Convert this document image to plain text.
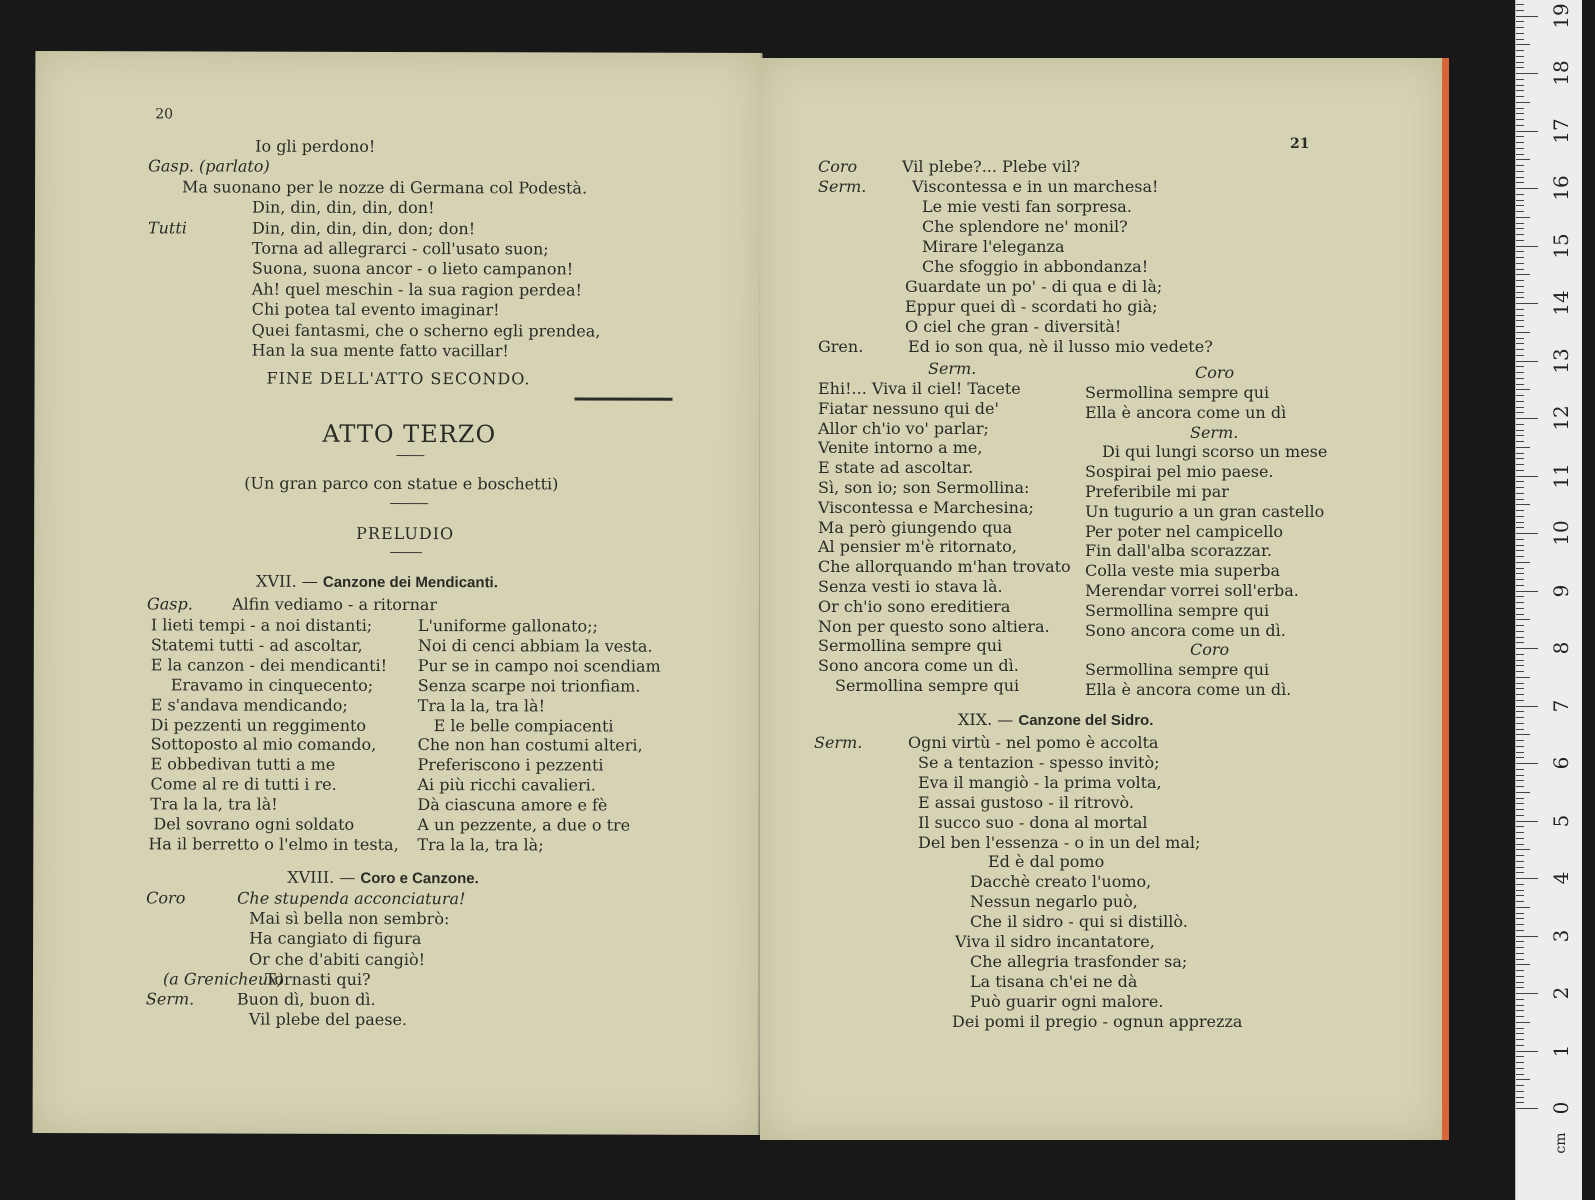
20
Io gli perdono!
Gasp. (parlato)
Ma suonano per le nozze di Germana col Podestà.
Din, din, din, din, don!
Tutti	Din, din, din, din, don; don!
Torna ad allegrarci - coll'usato suon;
Suona, suona ancor - o lieto campanon!
Ah! quel meschin - la sua ragion perdea!
Chi potea tal evento imaginar!
Quei fantasmi, che o scherno egli prendea,
Han la sua mente fatto vacillar!
FINE DELL'ATTO SECONDO.
ATTO TERZO
(Un gran parco con statue e boschetti)
PRELUDIO
XVII. — Canzone dei Mendicanti.
Gasp. Alfin vediamo - a ritornar
I lieti tempi - a noi distanti;
Statemi tutti - ad ascoltar,
E la canzon - dei mendicanti!
Eravamo in cinquecento;
E s'andava mendicando;
Di pezzenti un reggimento
Sottoposto al mio comando,
E obbedivan tutti a me
Come al re di tutti i re.
Tra la la, tra là!
Del sovrano ogni soldato
Ha il berretto o l'elmo in testa,
L'uniforme gallonato;;
Noi di cenci abbiam la vesta.
Pur se in campo noi scendiam
Senza scarpe noi trionfiam.
Tra la la, tra là!
E le belle compiacenti
Che non han costumi alteri,
Preferiscono i pezzenti
Ai più ricchi cavalieri.
Dà ciascuna amore e fè
A un pezzente, a due o tre
Tra la la, tra là;
XVIII. — Coro e Canzone.
Coro	Che stupenda acconciatura!
Mai sì bella non sembrò:
Ha cangiato di figura
Or che d'abiti cangiò!
(a Grenicheux)
Tornasti qui?
Serm.	Buon dì, buon dì.
Vil plebe del paese.
21
Coro	Vil plebe?... Plebe vil?
Serm.	Viscontessa e in un marchesa!
Le mie vesti fan sorpresa.
Che splendore ne' monil?
Mirare l'eleganza
Che sfoggio in abbondanza!
Guardate un po' - di qua e di là;
Eppur quei dì - scordati ho già;
O ciel che gran - diversità!
Gren.	Ed io son qua, nè il lusso mio vedete?
Serm.	Coro
Ehi!... Viva il ciel! Tacete
Fiatar nessuno qui de'
Allor ch'io vo' parlar;
Venite intorno a me,
E state ad ascoltar.
Sì, son io; son Sermollina:
Viscontessa e Marchesina;
Ma però giungendo qua
Al pensier m'è ritornato,
Che allorquando m'han trovato
Senza vesti io stava là.
Or ch'io sono ereditiera
Non per questo sono altiera.
Sermollina sempre qui
Sono ancora come un dì.
Sermollina sempre qui
Sermollina sempre qui
Ella è ancora come un dì
Serm.
Di qui lungi scorso un mese
Sospirai pel mio paese.
Preferibile mi par
Un tugurio a un gran castello
Per poter nel campicello
Fin dall'alba scorazzar.
Colla veste mia superba
Merendar vorrei soll'erba.
Sermollina sempre qui
Sono ancora come un dì.
Coro
Sermollina sempre qui
Ella è ancora come un dì.
XIX. — Canzone del Sidro.
Serm.	Ogni virtù - nel pomo è accolta
Se a tentazion - spesso invitò;
Eva il mangiò - la prima volta,
E assai gustoso - il ritrovò.
Il succo suo - dona al mortal
Del ben l'essenza - o in un del mal;
Ed è dal pomo
Dacchè creato l'uomo,
Nessun negarlo può,
Che il sidro - qui si distillò.
Viva il sidro incantatore,
Che allegria trasfonder sa;
La tisana ch'ei ne dà
Può guarir ogni malore.
Dei pomi il pregio - ognun apprezza
0
1
2
3
4
5
6
7
8
9
10
11
12
13
14
15
16
17
18
19
cm
